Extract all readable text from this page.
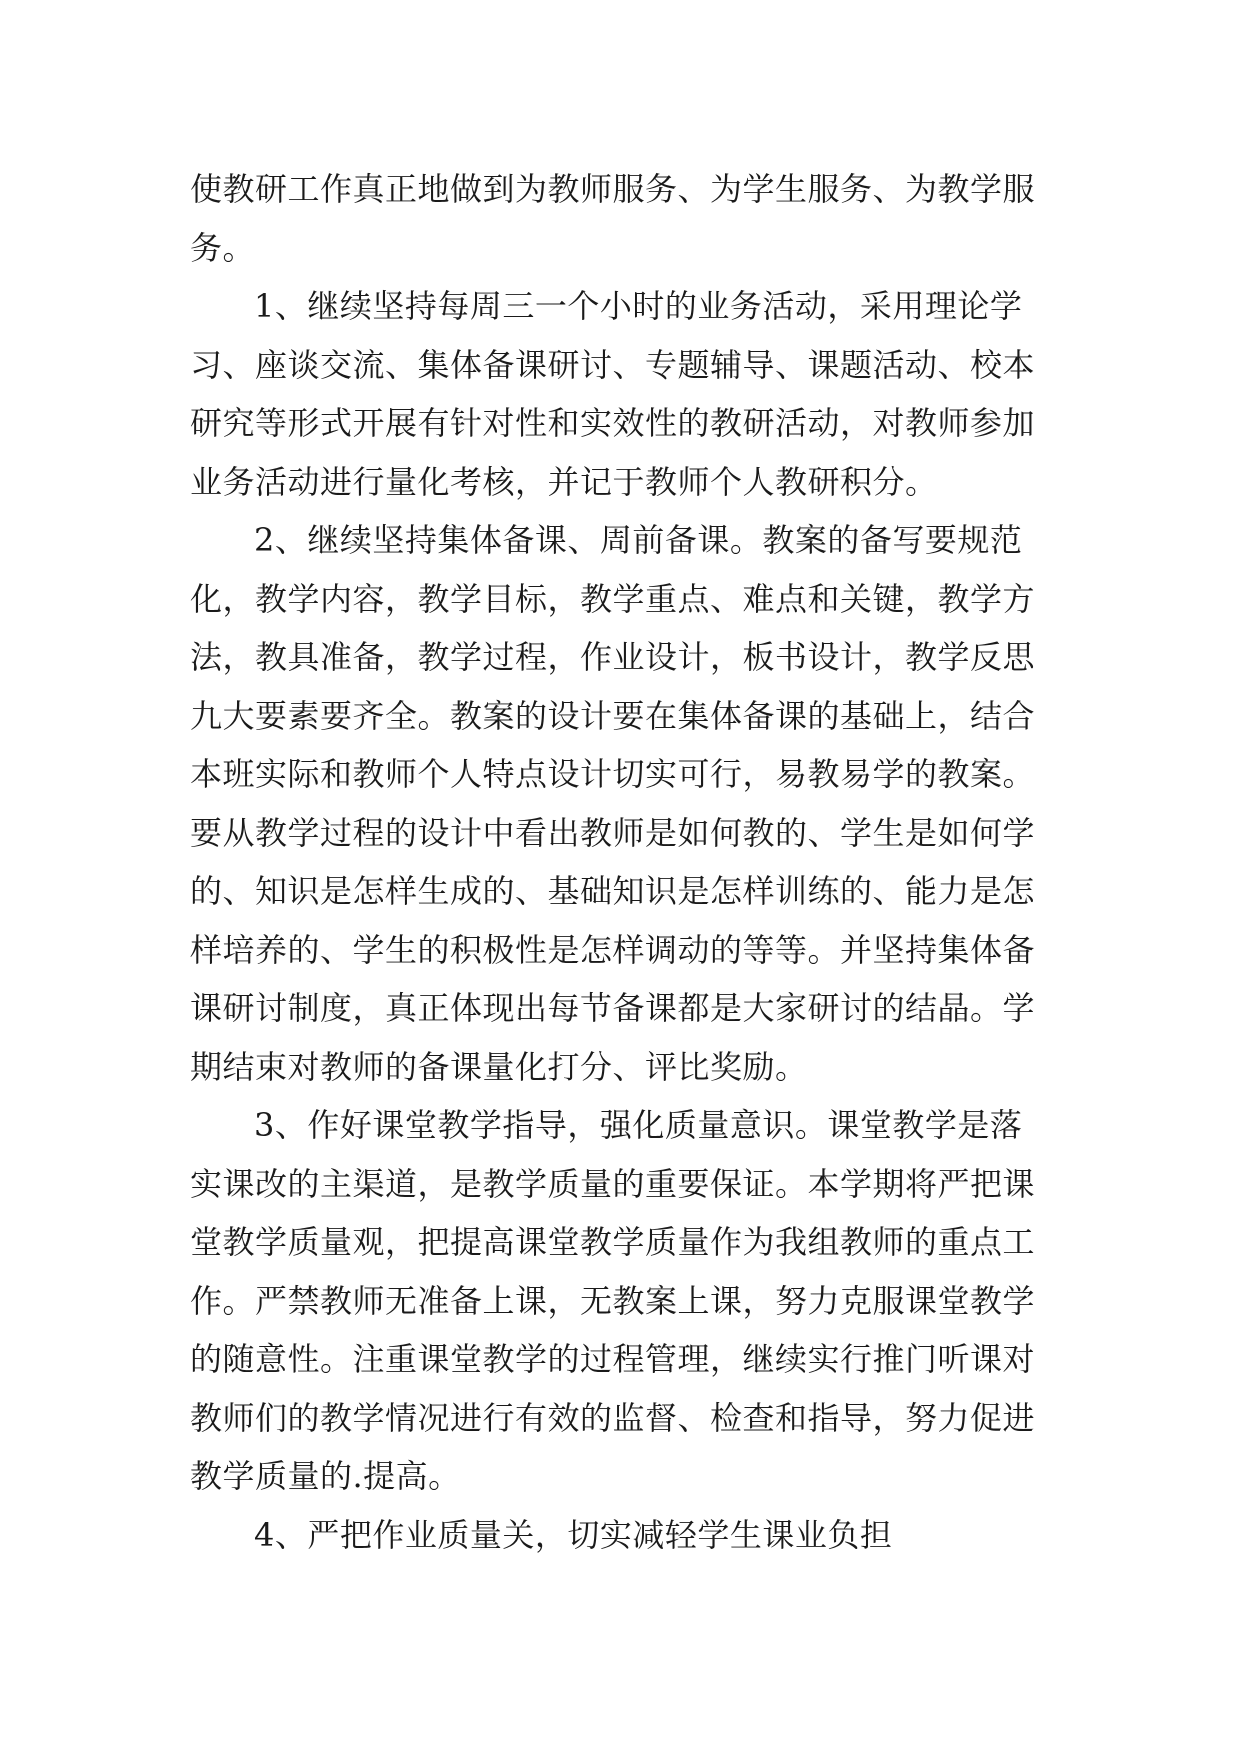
使教研工作真正地做到为教师服务、为学生服务、为教学服
务。
1、继续坚持每周三一个小时的业务活动，采用理论学
习、座谈交流、集体备课研讨、专题辅导、课题活动、校本
研究等形式开展有针对性和实效性的教研活动，对教师参加
业务活动进行量化考核，并记于教师个人教研积分。
2、继续坚持集体备课、周前备课。教案的备写要规范
化，教学内容，教学目标，教学重点、难点和关键，教学方
法，教具准备，教学过程，作业设计，板书设计，教学反思
九大要素要齐全。教案的设计要在集体备课的基础上，结合
本班实际和教师个人特点设计切实可行，易教易学的教案。
要从教学过程的设计中看出教师是如何教的、学生是如何学
的、知识是怎样生成的、基础知识是怎样训练的、能力是怎
样培养的、学生的积极性是怎样调动的等等。并坚持集体备
课研讨制度，真正体现出每节备课都是大家研讨的结晶。学
期结束对教师的备课量化打分、评比奖励。
3、作好课堂教学指导，强化质量意识。课堂教学是落
实课改的主渠道，是教学质量的重要保证。本学期将严把课
堂教学质量观，把提高课堂教学质量作为我组教师的重点工
作。严禁教师无准备上课，无教案上课，努力克服课堂教学
的随意性。注重课堂教学的过程管理，继续实行推门听课对
教师们的教学情况进行有效的监督、检查和指导，努力促进
教学质量的.提高。
4、严把作业质量关，切实减轻学生课业负担
